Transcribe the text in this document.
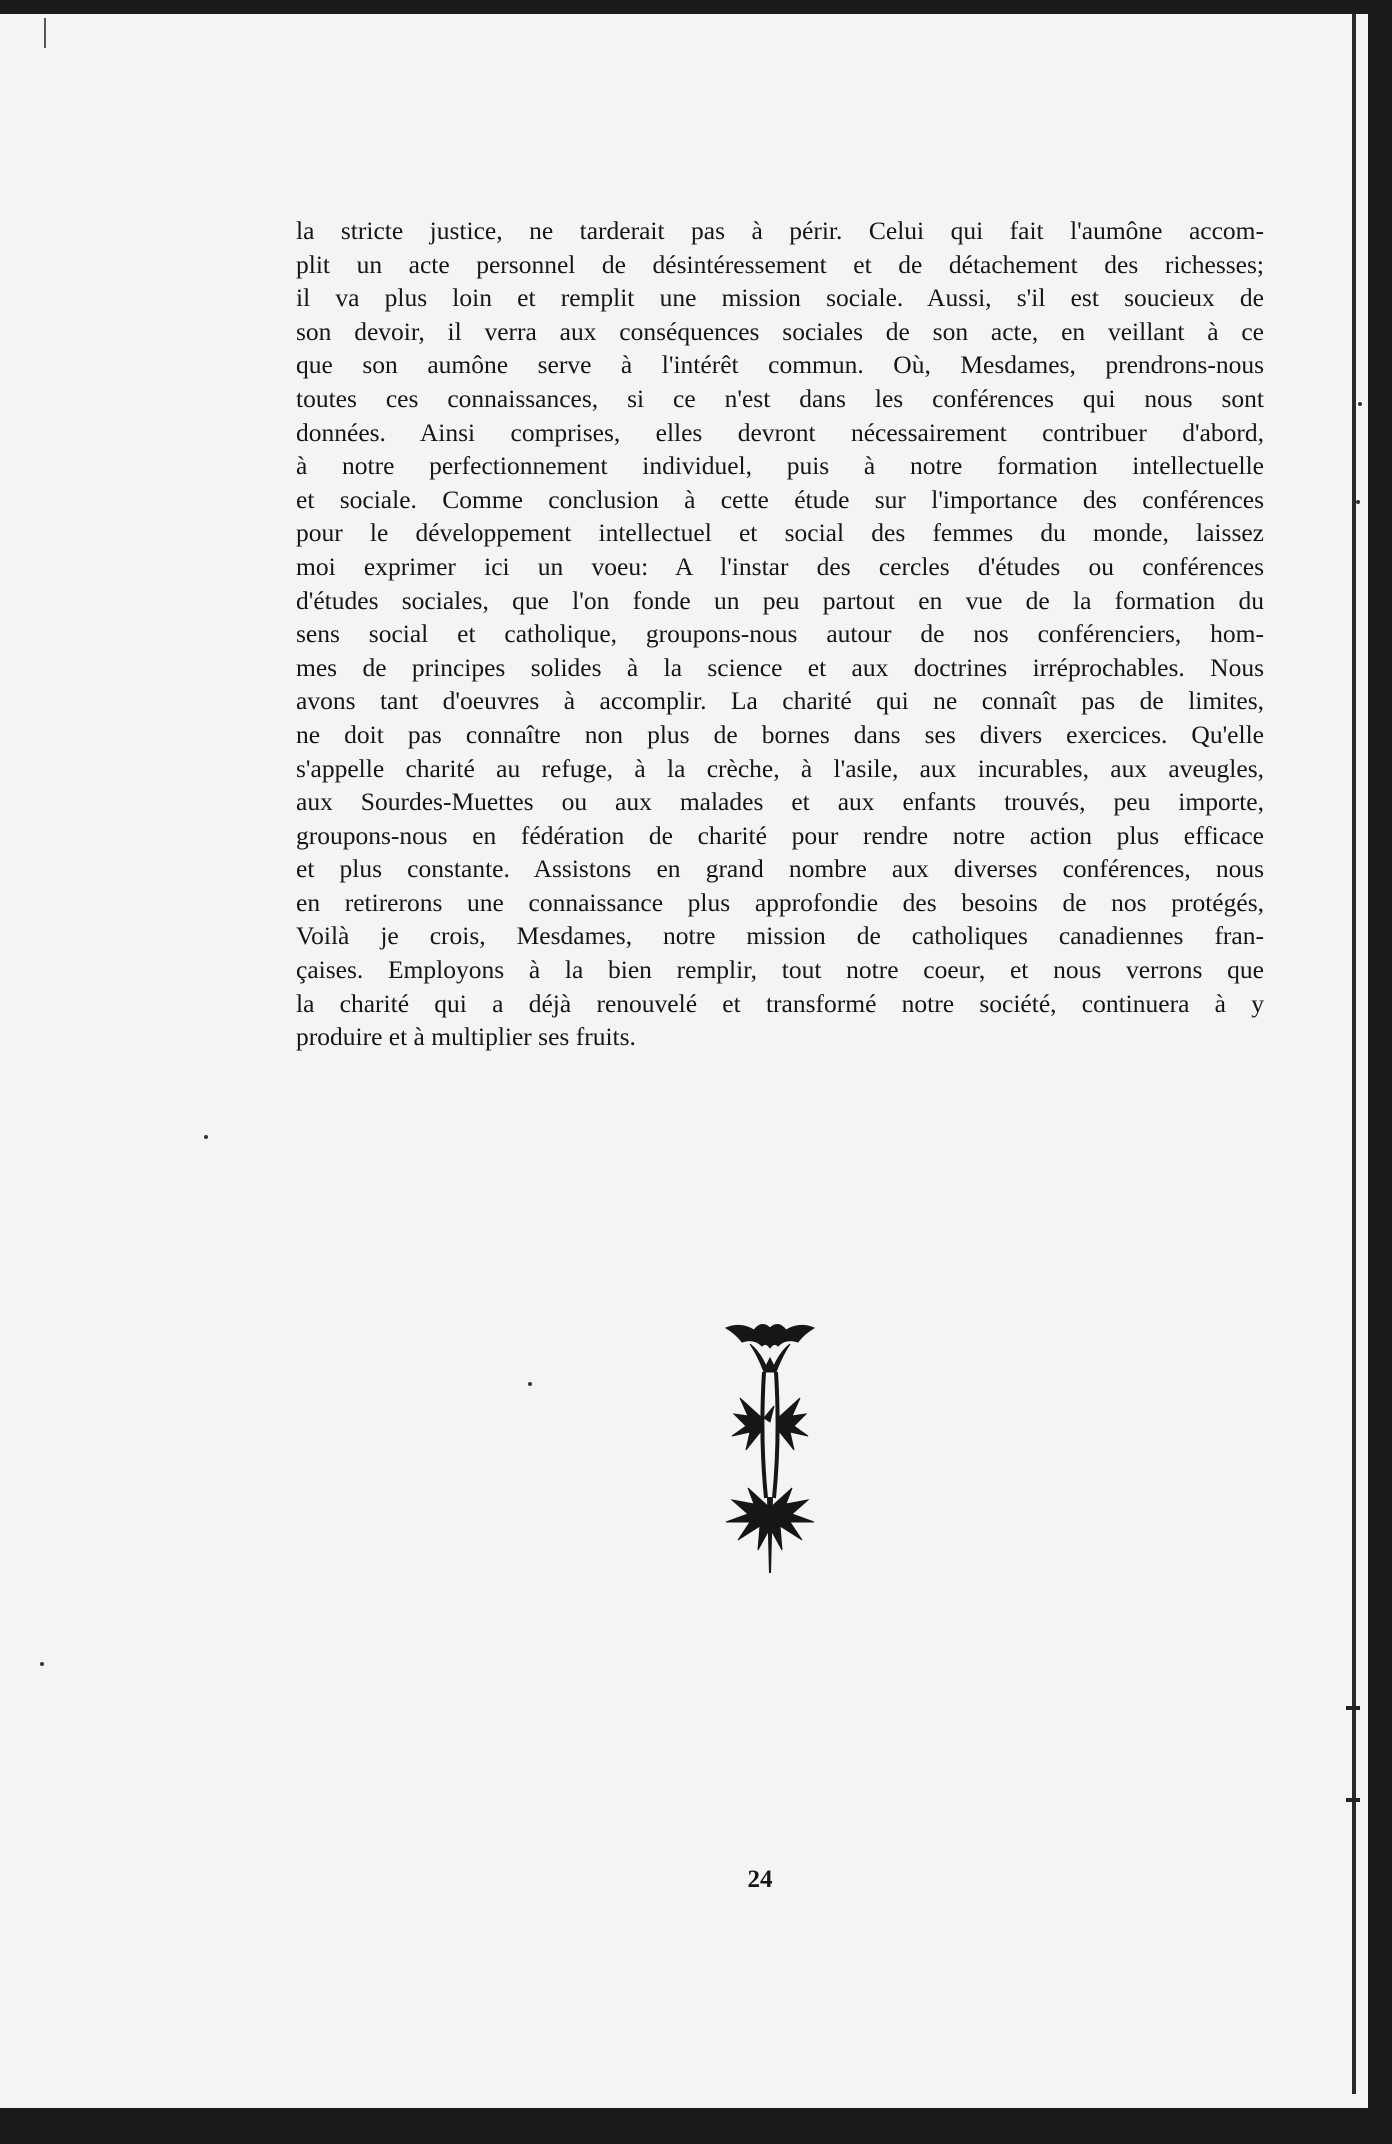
la stricte justice, ne tarderait pas à périr. Celui qui fait l'aumône accom-
plit un acte personnel de désintéressement et de détachement des richesses;
il va plus loin et remplit une mission sociale. Aussi, s'il est soucieux de
son devoir, il verra aux conséquences sociales de son acte, en veillant à ce
que son aumône serve à l'intérêt commun. Où, Mesdames, prendrons-nous
toutes ces connaissances, si ce n'est dans les conférences qui nous sont
données. Ainsi comprises, elles devront nécessairement contribuer d'abord,
à notre perfectionnement individuel, puis à notre formation intellectuelle
et sociale. Comme conclusion à cette étude sur l'importance des conférences
pour le développement intellectuel et social des femmes du monde, laissez
moi exprimer ici un voeu: A l'instar des cercles d'études ou conférences
d'études sociales, que l'on fonde un peu partout en vue de la formation du
sens social et catholique, groupons-nous autour de nos conférenciers, hom-
mes de principes solides à la science et aux doctrines irréprochables. Nous
avons tant d'oeuvres à accomplir. La charité qui ne connaît pas de limites,
ne doit pas connaître non plus de bornes dans ses divers exercices. Qu'elle
s'appelle charité au refuge, à la crèche, à l'asile, aux incurables, aux aveugles,
aux Sourdes-Muettes ou aux malades et aux enfants trouvés, peu importe,
groupons-nous en fédération de charité pour rendre notre action plus efficace
et plus constante. Assistons en grand nombre aux diverses conférences, nous
en retirerons une connaissance plus approfondie des besoins de nos protégés,
Voilà je crois, Mesdames, notre mission de catholiques canadiennes fran-
çaises. Employons à la bien remplir, tout notre coeur, et nous verrons que
la charité qui a déjà renouvelé et transformé notre société, continuera à y
produire et à multiplier ses fruits.
24
